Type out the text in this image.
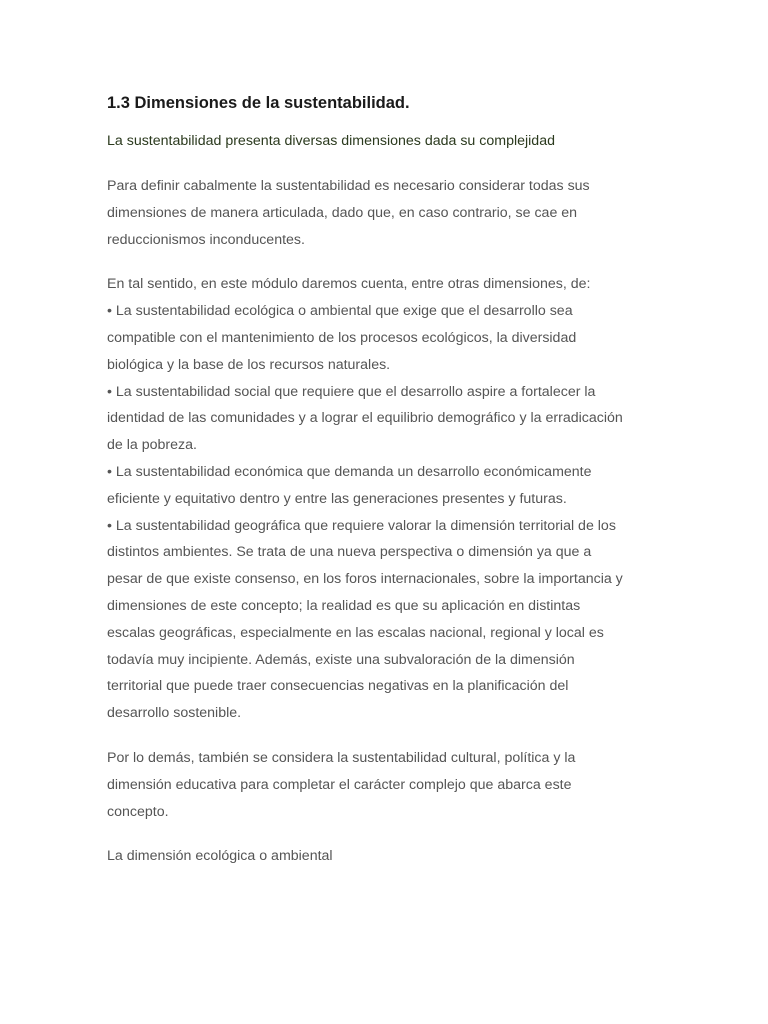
1.3 Dimensiones de la sustentabilidad.

La sustentabilidad presenta diversas dimensiones dada su complejidad

Para definir cabalmente la sustentabilidad es necesario considerar todas sus
dimensiones de manera articulada, dado que, en caso contrario, se cae en
reduccionismos inconducentes.

En tal sentido, en este módulo daremos cuenta, entre otras dimensiones, de:
• La sustentabilidad ecológica o ambiental que exige que el desarrollo sea
compatible con el mantenimiento de los procesos ecológicos, la diversidad
biológica y la base de los recursos naturales.
• La sustentabilidad social que requiere que el desarrollo aspire a fortalecer la
identidad de las comunidades y a lograr el equilibrio demográfico y la erradicación
de la pobreza.
• La sustentabilidad económica que demanda un desarrollo económicamente
eficiente y equitativo dentro y entre las generaciones presentes y futuras.
• La sustentabilidad geográfica que requiere valorar la dimensión territorial de los
distintos ambientes. Se trata de una nueva perspectiva o dimensión ya que a
pesar de que existe consenso, en los foros internacionales, sobre la importancia y
dimensiones de este concepto; la realidad es que su aplicación en distintas
escalas geográficas, especialmente en las escalas nacional, regional y local es
todavía muy incipiente. Además, existe una subvaloración de la dimensión
territorial que puede traer consecuencias negativas en la planificación del
desarrollo sostenible.

Por lo demás, también se considera la sustentabilidad cultural, política y la
dimensión educativa para completar el carácter complejo que abarca este
concepto.

La dimensión ecológica o ambiental
